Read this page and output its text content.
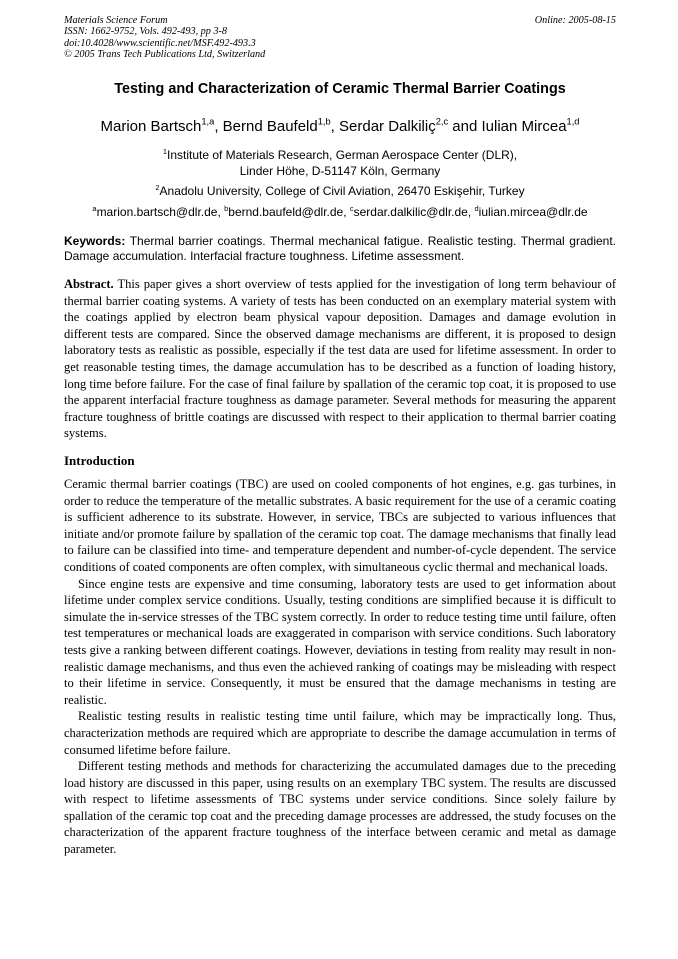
Materials Science Forum	Online: 2005-08-15
ISSN: 1662-9752, Vols. 492-493, pp 3-8
doi:10.4028/www.scientific.net/MSF.492-493.3
© 2005 Trans Tech Publications Ltd, Switzerland
Testing and Characterization of Ceramic Thermal Barrier Coatings
Marion Bartsch$^{1,a}$, Bernd Baufeld$^{1,b}$, Serdar Dalkiliç$^{2,c}$ and Iulian Mircea$^{1,d}$
$^1$Institute of Materials Research, German Aerospace Center (DLR),
Linder Höhe, D-51147 Köln, Germany
$^2$Anadolu University, College of Civil Aviation, 26470 Eskişehir, Turkey
$^a$marion.bartsch@dlr.de, $^b$bernd.baufeld@dlr.de, $^c$serdar.dalkilic@dlr.de, $^d$iulian.mircea@dlr.de
Keywords: Thermal barrier coatings. Thermal mechanical fatigue. Realistic testing. Thermal gradient. Damage accumulation. Interfacial fracture toughness. Lifetime assessment.
Abstract. This paper gives a short overview of tests applied for the investigation of long term behaviour of thermal barrier coating systems. A variety of tests has been conducted on an exemplary material system with the coatings applied by electron beam physical vapour deposition. Damages and damage evolution in different tests are compared. Since the observed damage mechanisms are different, it is proposed to design laboratory tests as realistic as possible, especially if the test data are used for lifetime assessment. In order to get reasonable testing times, the damage accumulation has to be described as a function of loading history, long time before failure. For the case of final failure by spallation of the ceramic top coat, it is proposed to use the apparent interfacial fracture toughness as damage parameter. Several methods for measuring the apparent fracture toughness of brittle coatings are discussed with respect to their application to thermal barrier coating systems.
Introduction

Ceramic thermal barrier coatings (TBC) are used on cooled components of hot engines, e.g. gas turbines, in order to reduce the temperature of the metallic substrates. A basic requirement for the use of a ceramic coating is sufficient adherence to its substrate. However, in service, TBCs are subjected to various influences that initiate and/or promote failure by spallation of the ceramic top coat. The damage mechanisms that finally lead to failure can be classified into time- and temperature dependent and number-of-cycle dependent. The service conditions of coated components are often complex, with simultaneous cyclic thermal and mechanical loads.

Since engine tests are expensive and time consuming, laboratory tests are used to get information about lifetime under complex service conditions. Usually, testing conditions are simplified because it is difficult to simulate the in-service stresses of the TBC system correctly. In order to reduce testing time until failure, often test temperatures or mechanical loads are exaggerated in comparison with service conditions. Such laboratory tests give a ranking between different coatings. However, deviations in testing from reality may result in non-realistic damage mechanisms, and thus even the achieved ranking of coatings may be misleading with respect to their lifetime in service. Consequently, it must be ensured that the damage mechanisms in testing are realistic.

Realistic testing results in realistic testing time until failure, which may be impractically long. Thus, characterization methods are required which are appropriate to describe the damage accumulation in terms of consumed lifetime before failure.

Different testing methods and methods for characterizing the accumulated damages due to the preceding load history are discussed in this paper, using results on an exemplary TBC system. The results are discussed with respect to lifetime assessments of TBC systems under service conditions. Since solely failure by spallation of the ceramic top coat and the preceding damage processes are addressed, the study focuses on the characterization of the apparent fracture toughness of the interface between ceramic and metal as damage parameter.
